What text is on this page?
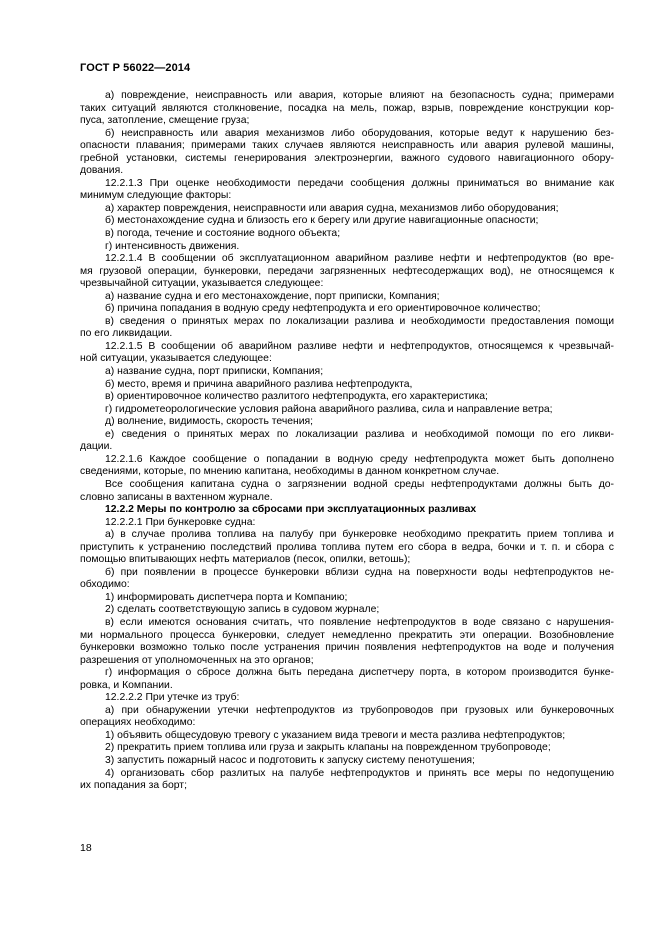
ГОСТ Р 56022—2014
а) повреждение, неисправность или авария, которые влияют на безопасность судна; примерами
таких ситуаций являются столкновение, посадка на мель, пожар, взрыв, повреждение конструкции кор-
пуса, затопление, смещение груза;
б) неисправность или авария механизмов либо оборудования, которые ведут к нарушению без-
опасности плавания; примерами таких случаев являются неисправность или авария рулевой машины,
гребной установки, системы генерирования электроэнергии, важного судового навигационного обору-
дования.
12.2.1.3 При оценке необходимости передачи сообщения должны приниматься во внимание как
минимум следующие факторы:
а) характер повреждения, неисправности или авария судна, механизмов либо оборудования;
б) местонахождение судна и близость его к берегу или другие навигационные опасности;
в) погода, течение и состояние водного объекта;
г) интенсивность движения.
12.2.1.4 В сообщении об эксплуатационном аварийном разливе нефти и нефтепродуктов (во вре-
мя грузовой операции, бункеровки, передачи загрязненных нефтесодержащих вод), не относящемся к
чрезвычайной ситуации, указывается следующее:
а) название судна и его местонахождение, порт приписки, Компания;
б) причина попадания в водную среду нефтепродукта и его ориентировочное количество;
в) сведения о принятых мерах по локализации разлива и необходимости предоставления помощи
по его ликвидации.
12.2.1.5 В сообщении об аварийном разливе нефти и нефтепродуктов, относящемся к чрезвычай-
ной ситуации, указывается следующее:
а) название судна, порт приписки, Компания;
б) место, время и причина аварийного разлива нефтепродукта,
в) ориентировочное количество разлитого нефтепродукта, его характеристика;
г) гидрометеорологические условия района аварийного разлива, сила и направление ветра;
д) волнение, видимость, скорость течения;
е) сведения о принятых мерах по локализации разлива и необходимой помощи по его ликви-
дации.
12.2.1.6 Каждое сообщение о попадании в водную среду нефтепродукта может быть дополнено
сведениями, которые, по мнению капитана, необходимы в данном конкретном случае.
Все сообщения капитана судна о загрязнении водной среды нефтепродуктами должны быть до-
словно записаны в вахтенном журнале.
12.2.2 Меры по контролю за сбросами при эксплуатационных разливах
12.2.2.1 При бункеровке судна:
а) в случае пролива топлива на палубу при бункеровке необходимо прекратить прием топлива и
приступить к устранению последствий пролива топлива путем его сбора в ведра, бочки и т. п. и сбора с
помощью впитывающих нефть материалов (песок, опилки, ветошь);
б) при появлении в процессе бункеровки вблизи судна на поверхности воды нефтепродуктов не-
обходимо:
1) информировать диспетчера порта и Компанию;
2) сделать соответствующую запись в судовом журнале;
в) если имеются основания считать, что появление нефтепродуктов в воде связано с нарушения-
ми нормального процесса бункеровки, следует немедленно прекратить эти операции. Возобновление
бункеровки возможно только после устранения причин появления нефтепродуктов на воде и получения
разрешения от уполномоченных на это органов;
г) информация о сбросе должна быть передана диспетчеру порта, в котором производится бунке-
ровка, и Компании.
12.2.2.2 При утечке из труб:
а) при обнаружении утечки нефтепродуктов из трубопроводов при грузовых или бункеровочных
операциях необходимо:
1) объявить общесудовую тревогу с указанием вида тревоги и места разлива нефтепродуктов;
2) прекратить прием топлива или груза и закрыть клапаны на поврежденном трубопроводе;
3) запустить пожарный насос и подготовить к запуску систему пенотушения;
4) организовать сбор разлитых на палубе нефтепродуктов и принять все меры по недопущению
их попадания за борт;
18
